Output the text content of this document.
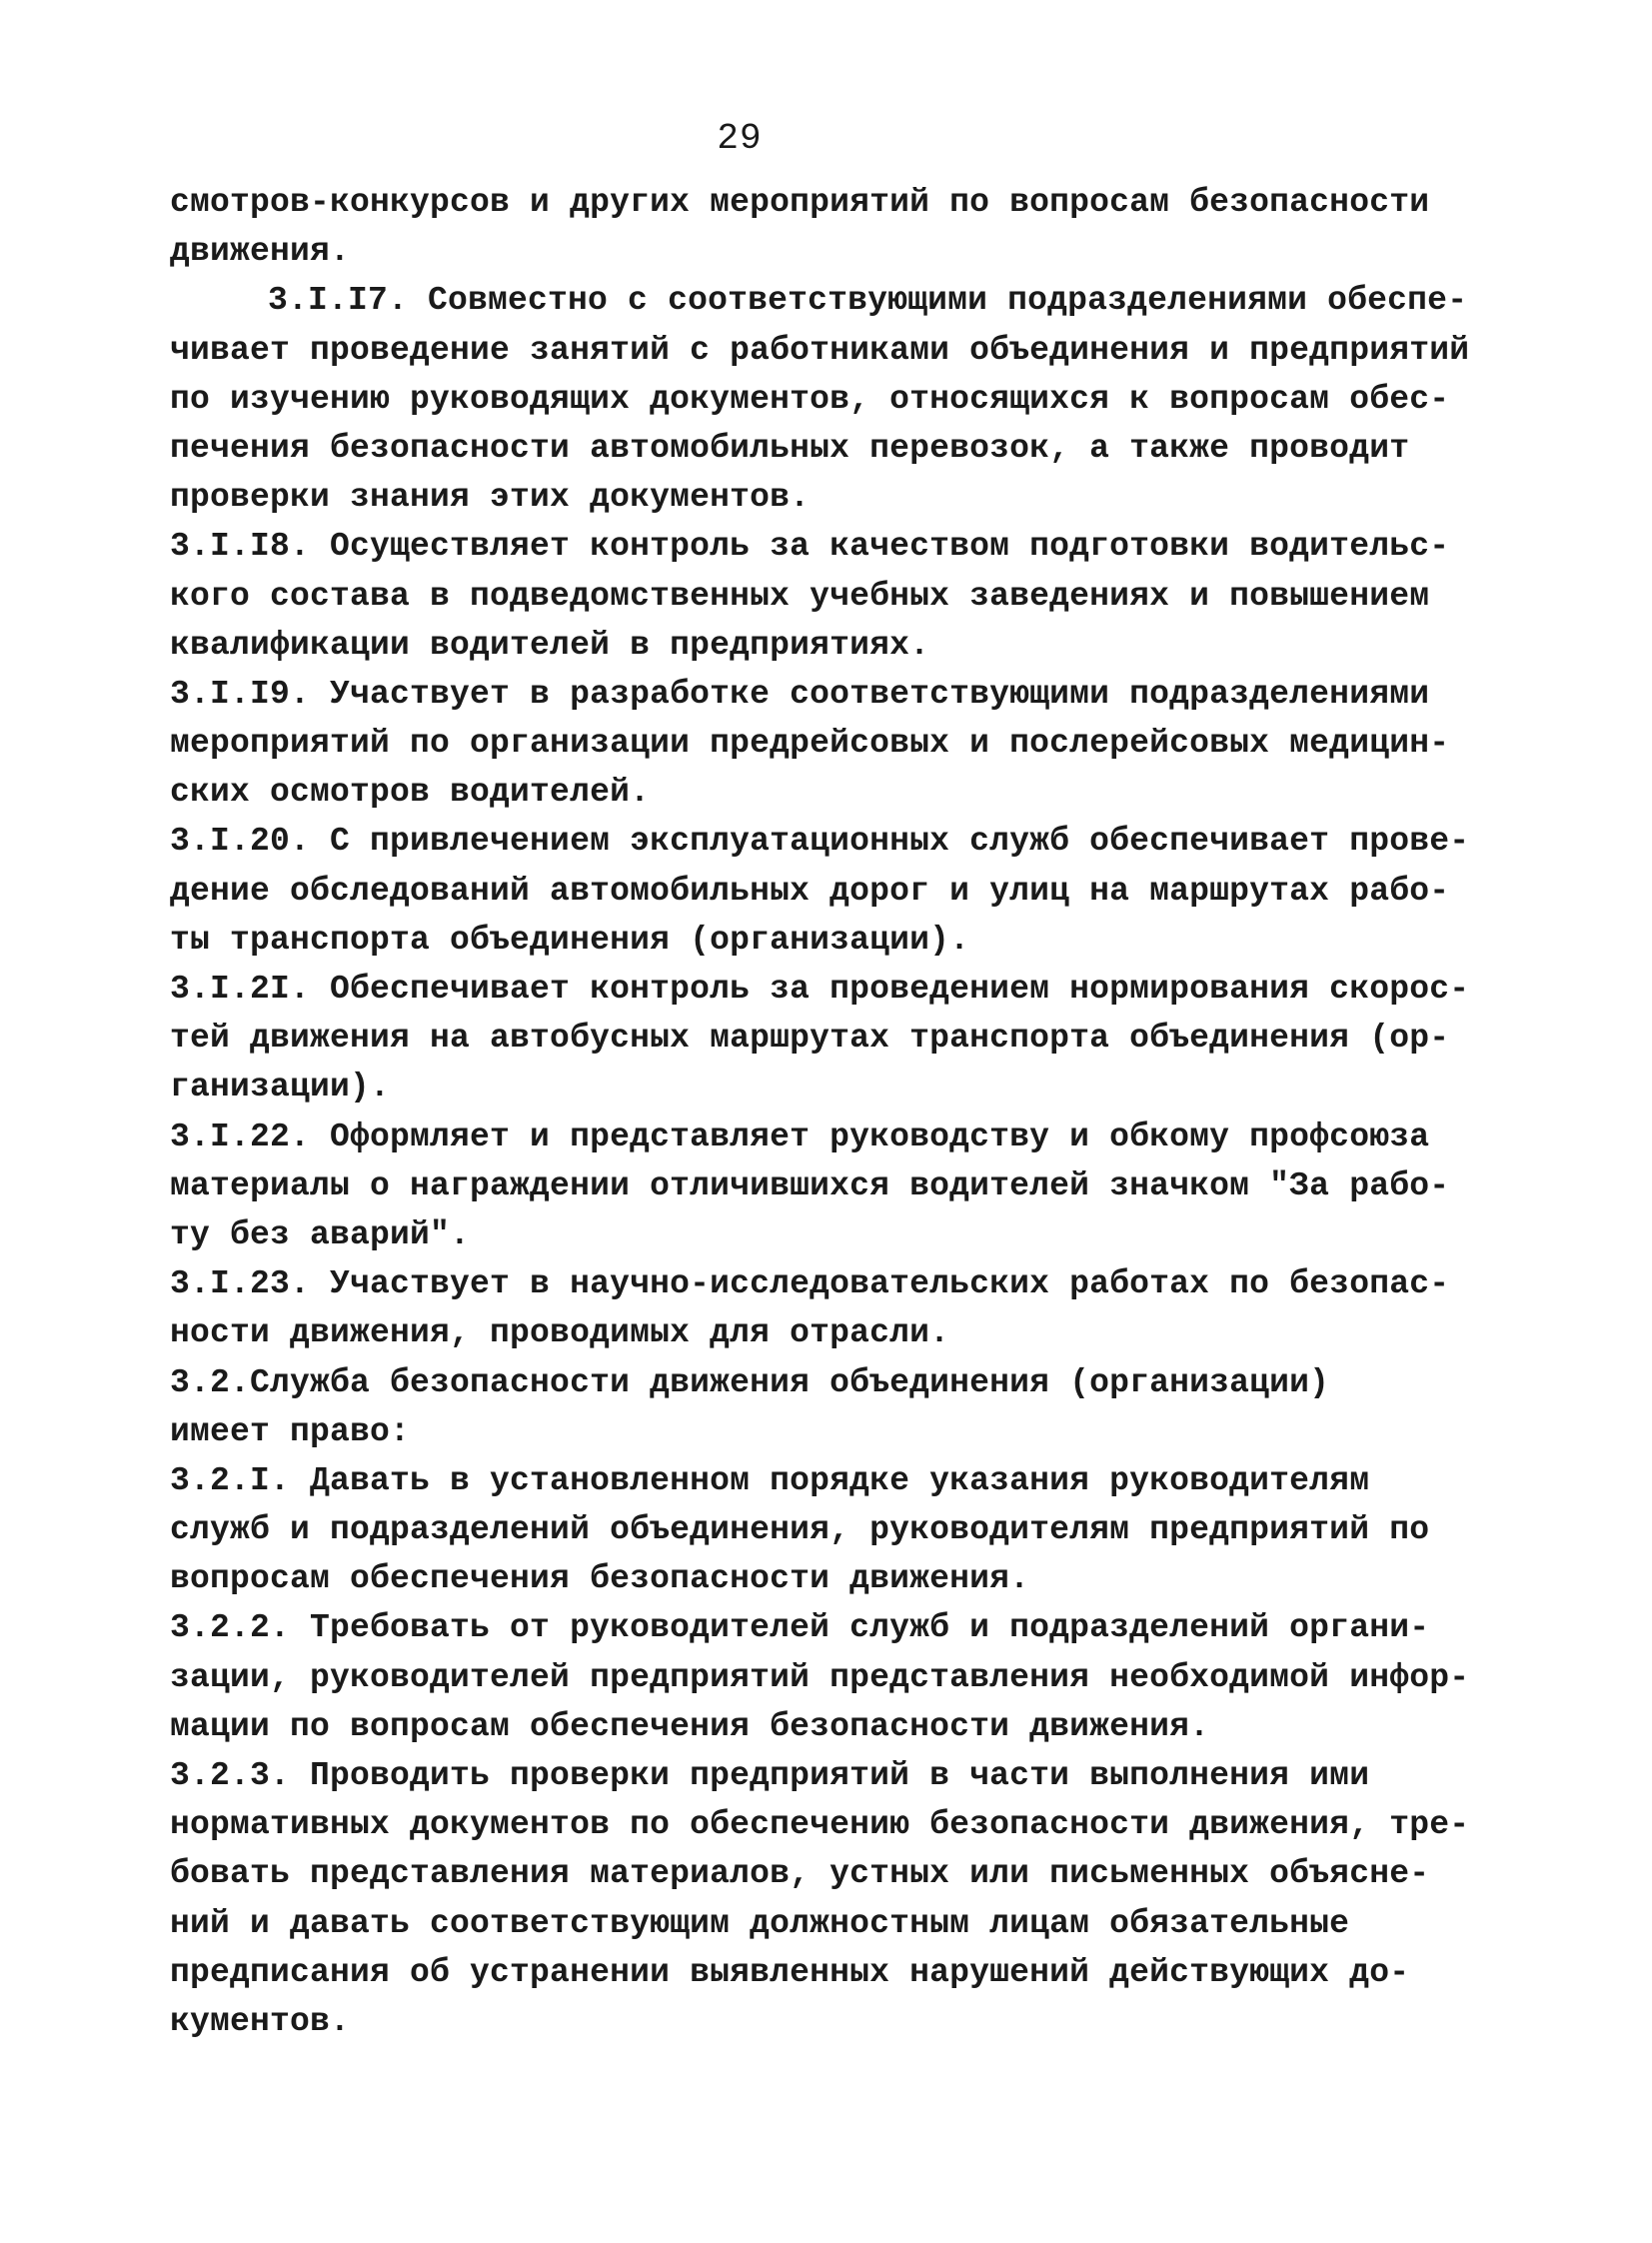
29
смотров-конкурсов и других мероприятий по вопросам безопасности
движения.
3.I.I7. Совместно с соответствующими подразделениями обеспе-
чивает проведение занятий с работниками объединения и предприятий
по изучению руководящих документов, относящихся к вопросам обес-
печения безопасности автомобильных перевозок, а также проводит
проверки знания этих документов.
3.I.I8. Осуществляет контроль за качеством подготовки водительс-
кого состава в подведомственных учебных заведениях и повышением
квалификации водителей в предприятиях.
3.I.I9. Участвует в разработке соответствующими подразделениями
мероприятий по организации предрейсовых и послерейсовых медицин-
ских осмотров водителей.
3.I.20. С привлечением эксплуатационных служб обеспечивает прове-
дение обследований автомобильных дорог и улиц на маршрутах рабо-
ты транспорта объединения (организации).
3.I.2I. Обеспечивает контроль за проведением нормирования скорос-
тей движения на автобусных маршрутах транспорта объединения (ор-
ганизации).
3.I.22. Оформляет и представляет руководству и обкому профсоюза
материалы о награждении отличившихся водителей значком "За рабо-
ту без аварий".
3.I.23. Участвует в научно-исследовательских работах по безопас-
ности движения, проводимых для отрасли.
3.2.Служба безопасности движения объединения (организации)
имеет право:
3.2.I. Давать в установленном порядке указания руководителям
служб и подразделений объединения, руководителям предприятий по
вопросам обеспечения безопасности движения.
3.2.2. Требовать от руководителей служб и подразделений органи-
зации, руководителей предприятий представления необходимой инфор-
мации по вопросам обеспечения безопасности движения.
3.2.3. Проводить проверки предприятий в части выполнения ими
нормативных документов по обеспечению безопасности движения, тре-
бовать представления материалов, устных или письменных объясне-
ний и давать соответствующим должностным лицам обязательные
предписания об устранении выявленных нарушений действующих до-
кументов.
